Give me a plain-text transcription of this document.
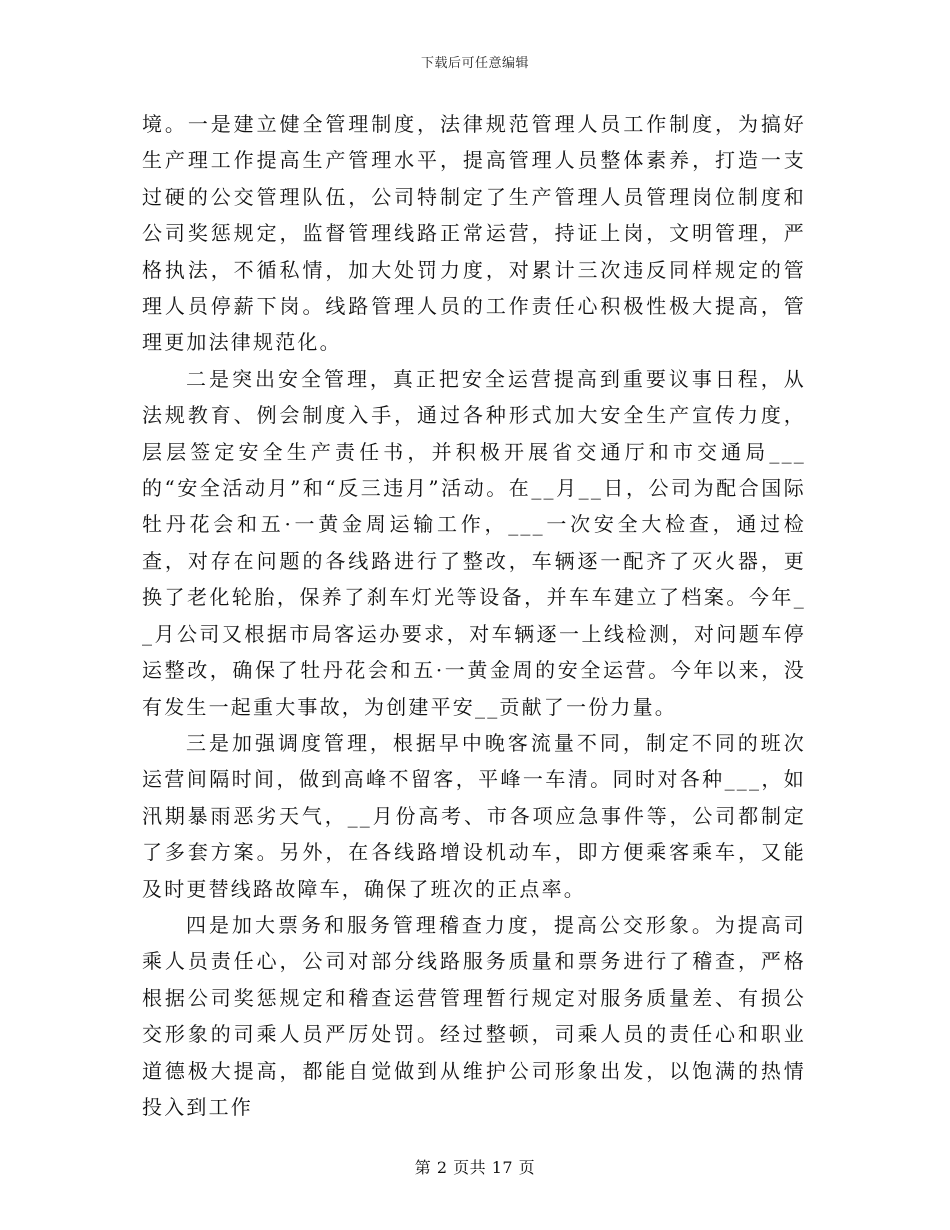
下载后可任意编辑

境。一是建立健全管理制度，法律规范管理人员工作制度，为搞好生产理工作提高生产管理水平，提高管理人员整体素养，打造一支过硬的公交管理队伍，公司特制定了生产管理人员管理岗位制度和公司奖惩规定，监督管理线路正常运营，持证上岗，文明管理，严格执法，不循私情，加大处罚力度，对累计三次违反同样规定的管理人员停薪下岗。线路管理人员的工作责任心积极性极大提高，管理更加法律规范化。

二是突出安全管理，真正把安全运营提高到重要议事日程，从法规教育、例会制度入手，通过各种形式加大安全生产宣传力度，层层签定安全生产责任书，并积极开展省交通厅和市交通局___的“安全活动月”和“反三违月”活动。在__月__日，公司为配合国际牡丹花会和五·一黄金周运输工作，___一次安全大检查，通过检查，对存在问题的各线路进行了整改，车辆逐一配齐了灭火器，更换了老化轮胎，保养了刹车灯光等设备，并车车建立了档案。今年__月公司又根据市局客运办要求，对车辆逐一上线检测，对问题车停运整改，确保了牡丹花会和五·一黄金周的安全运营。今年以来，没有发生一起重大事故，为创建平安__贡献了一份力量。

三是加强调度管理，根据早中晚客流量不同，制定不同的班次运营间隔时间，做到高峰不留客，平峰一车清。同时对各种___，如汛期暴雨恶劣天气，__月份高考、市各项应急事件等，公司都制定了多套方案。另外，在各线路增设机动车，即方便乘客乘车，又能及时更替线路故障车，确保了班次的正点率。

四是加大票务和服务管理稽查力度，提高公交形象。为提高司乘人员责任心，公司对部分线路服务质量和票务进行了稽查，严格根据公司奖惩规定和稽查运营管理暂行规定对服务质量差、有损公交形象的司乘人员严厉处罚。经过整顿，司乘人员的责任心和职业道德极大提高，都能自觉做到从维护公司形象出发，以饱满的热情投入到工作

第 2 页共 17 页
